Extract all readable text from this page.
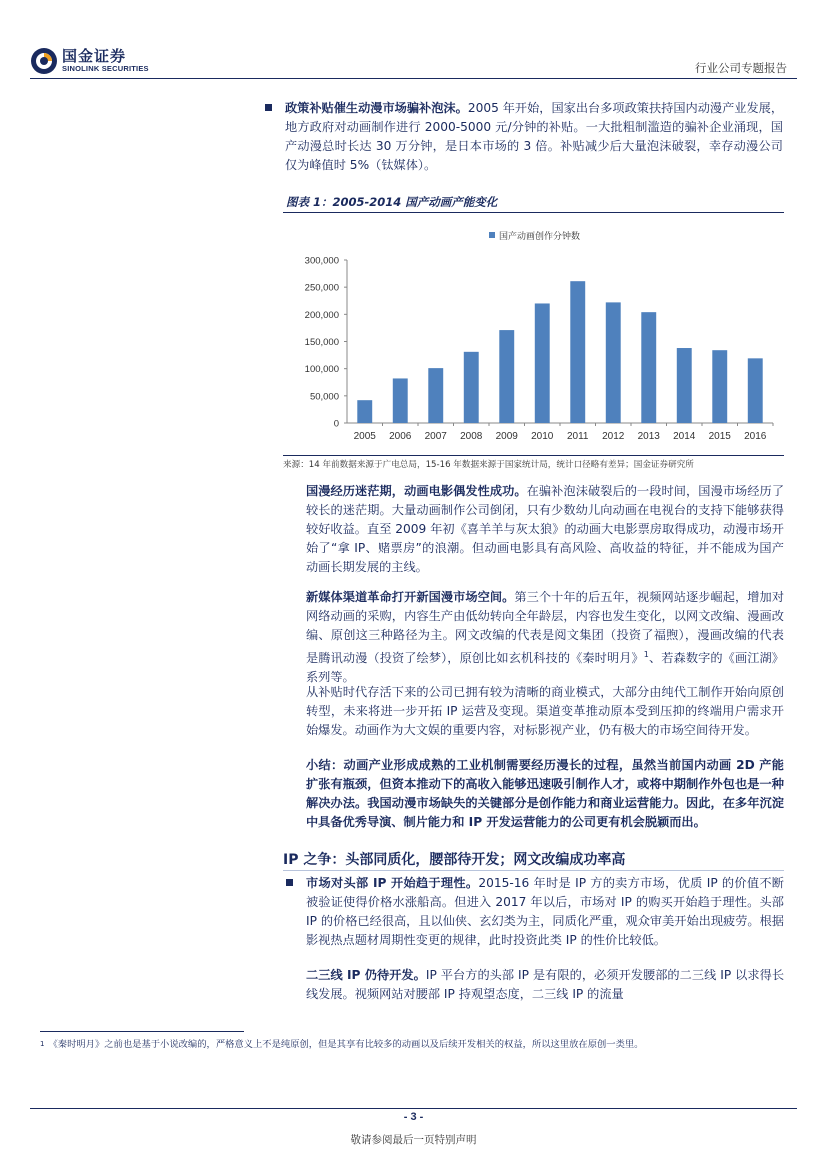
国金证券
SINOLINK SECURITIES	行业公司专题报告
政策补贴催生动漫市场骗补泡沫。2005 年开始，国家出台多项政策扶持国内动漫产业发展，地方政府对动画制作进行 2000-5000 元/分钟的补贴。一大批粗制滥造的骗补企业涌现，国产动漫总时长达 30 万分钟，是日本市场的 3 倍。补贴减少后大量泡沫破裂，幸存动漫公司仅为峰值时 5%（钛媒体）。
图表 1：2005-2014 国产动画产能变化
国产动画创作分钟数
0
50,000
100,000
150,000
200,000
250,000
300,000
2005 2006 2007 2008 2009 2010 2011 2012 2013 2014 2015 2016
来源：14 年前数据来源于广电总局，15-16 年数据来源于国家统计局，统计口径略有差异；国金证券研究所
国漫经历迷茫期，动画电影偶发性成功。在骗补泡沫破裂后的一段时间，国漫市场经历了较长的迷茫期。大量动画制作公司倒闭，只有少数幼儿向动画在电视台的支持下能够获得较好收益。直至 2009 年初《喜羊羊与灰太狼》的动画大电影票房取得成功，动漫市场开始了“拿 IP、赌票房”的浪潮。但动画电影具有高风险、高收益的特征，并不能成为国产动画长期发展的主线。
新媒体渠道革命打开新国漫市场空间。第三个十年的后五年，视频网站逐步崛起，增加对网络动画的采购，内容生产由低幼转向全年龄层，内容也发生变化，以网文改编、漫画改编、原创这三种路径为主。网文改编的代表是阅文集团（投资了福煦），漫画改编的代表是腾讯动漫（投资了绘梦），原创比如玄机科技的《秦时明月》$^1$、若森数字的《画江湖》系列等。
从补贴时代存活下来的公司已拥有较为清晰的商业模式，大部分由纯代工制作开始向原创转型，未来将进一步开拓 IP 运营及变现。渠道变革推动原本受到压抑的终端用户需求开始爆发。动画作为大文娱的重要内容，对标影视产业，仍有极大的市场空间待开发。
小结：动画产业形成成熟的工业机制需要经历漫长的过程，虽然当前国内动画 2D 产能扩张有瓶颈，但资本推动下的高收入能够迅速吸引制作人才，或将中期制作外包也是一种解决办法。我国动漫市场缺失的关键部分是创作能力和商业运营能力。因此，在多年沉淀中具备优秀导演、制片能力和 IP 开发运营能力的公司更有机会脱颖而出。
IP 之争：头部同质化，腰部待开发；网文改编成功率高
市场对头部 IP 开始趋于理性。2015-16 年时是 IP 方的卖方市场，优质 IP 的价值不断被验证使得价格水涨船高。但进入 2017 年以后，市场对 IP 的购买开始趋于理性。头部 IP 的价格已经很高，且以仙侠、玄幻类为主，同质化严重，观众审美开始出现疲劳。根据影视热点题材周期性变更的规律，此时投资此类 IP 的性价比较低。
二三线 IP 仍待开发。IP 平台方的头部 IP 是有限的，必须开发腰部的二三线 IP 以求得长线发展。视频网站对腰部 IP 持观望态度，二三线 IP 的流量
$^1$ 《秦时明月》之前也是基于小说改编的，严格意义上不是纯原创，但是其享有比较多的动画以及后续开发相关的权益，所以这里放在原创一类里。
- 3 -
敬请参阅最后一页特别声明
